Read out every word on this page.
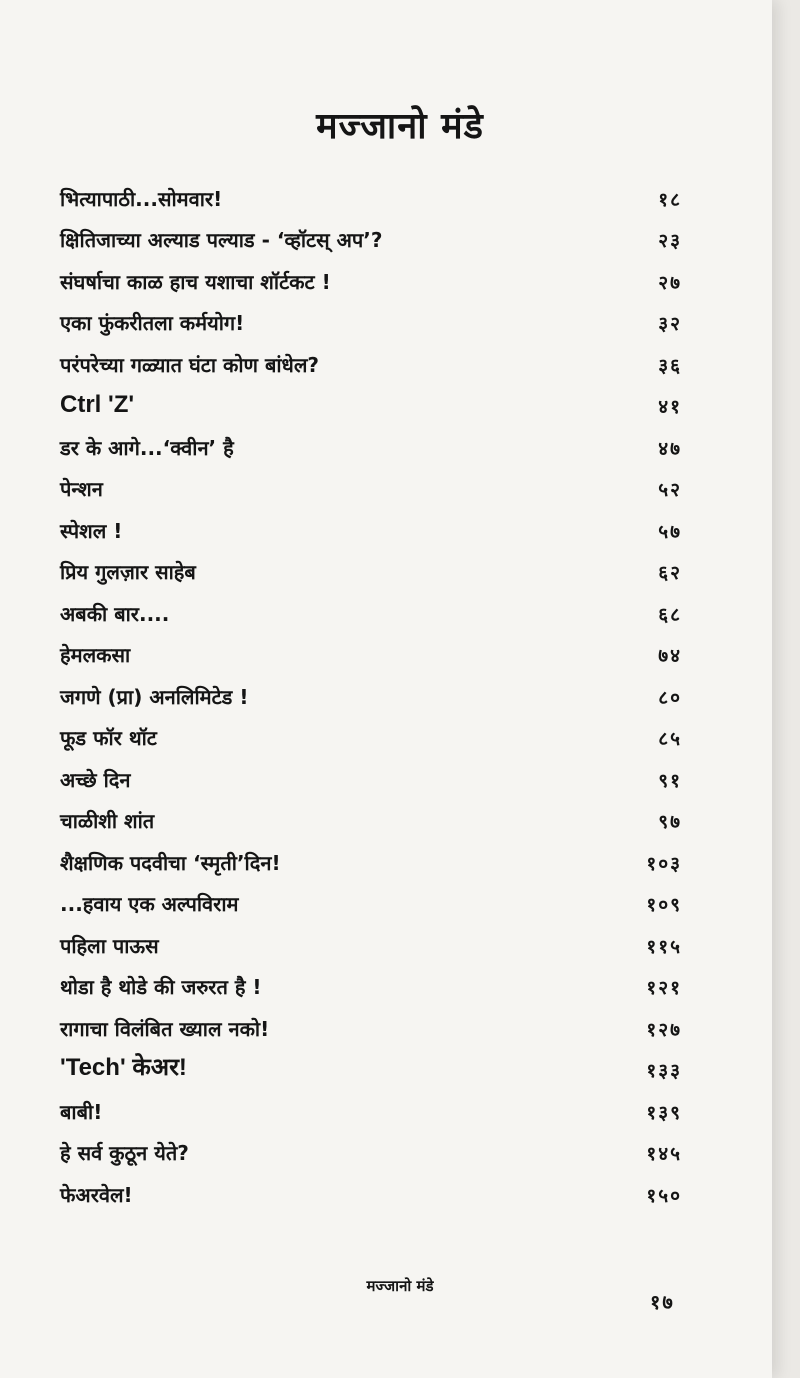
मज्जानो मंडे
भित्यापाठी...सोमवार!	१८
क्षितिजाच्या अल्याड पल्याड - ‘व्हॉटस् अप’?	२३
संघर्षाचा काळ हाच यशाचा शॉर्टकट !	२७
एका फुंकरीतला कर्मयोग!	३२
परंपरेच्या गळ्यात घंटा कोण बांधेल?	३६
Ctrl 'Z'	४१
डर के आगे...‘क्वीन’ है	४७
पेन्शन	५२
स्पेशल !	५७
प्रिय गुलज़ार साहेब	६२
अबकी बार....	६८
हेमलकसा	७४
जगणे (प्रा) अनलिमिटेड !	८०
फूड फॉर थॉट	८५
अच्छे दिन	९१
चाळीशी शांत	९७
शैक्षणिक पदवीचा ‘स्मृती’दिन!	१०३
...हवाय एक अल्पविराम	१०९
पहिला पाऊस	११५
थोडा है थोडे की जरुरत है !	१२१
रागाचा विलंबित ख्याल नको!	१२७
'Tech' केअर!	१३३
बाबी!	१३९
हे सर्व कुठून येते?	१४५
फेअरवेल!	१५०
मज्जानो मंडे
१७
